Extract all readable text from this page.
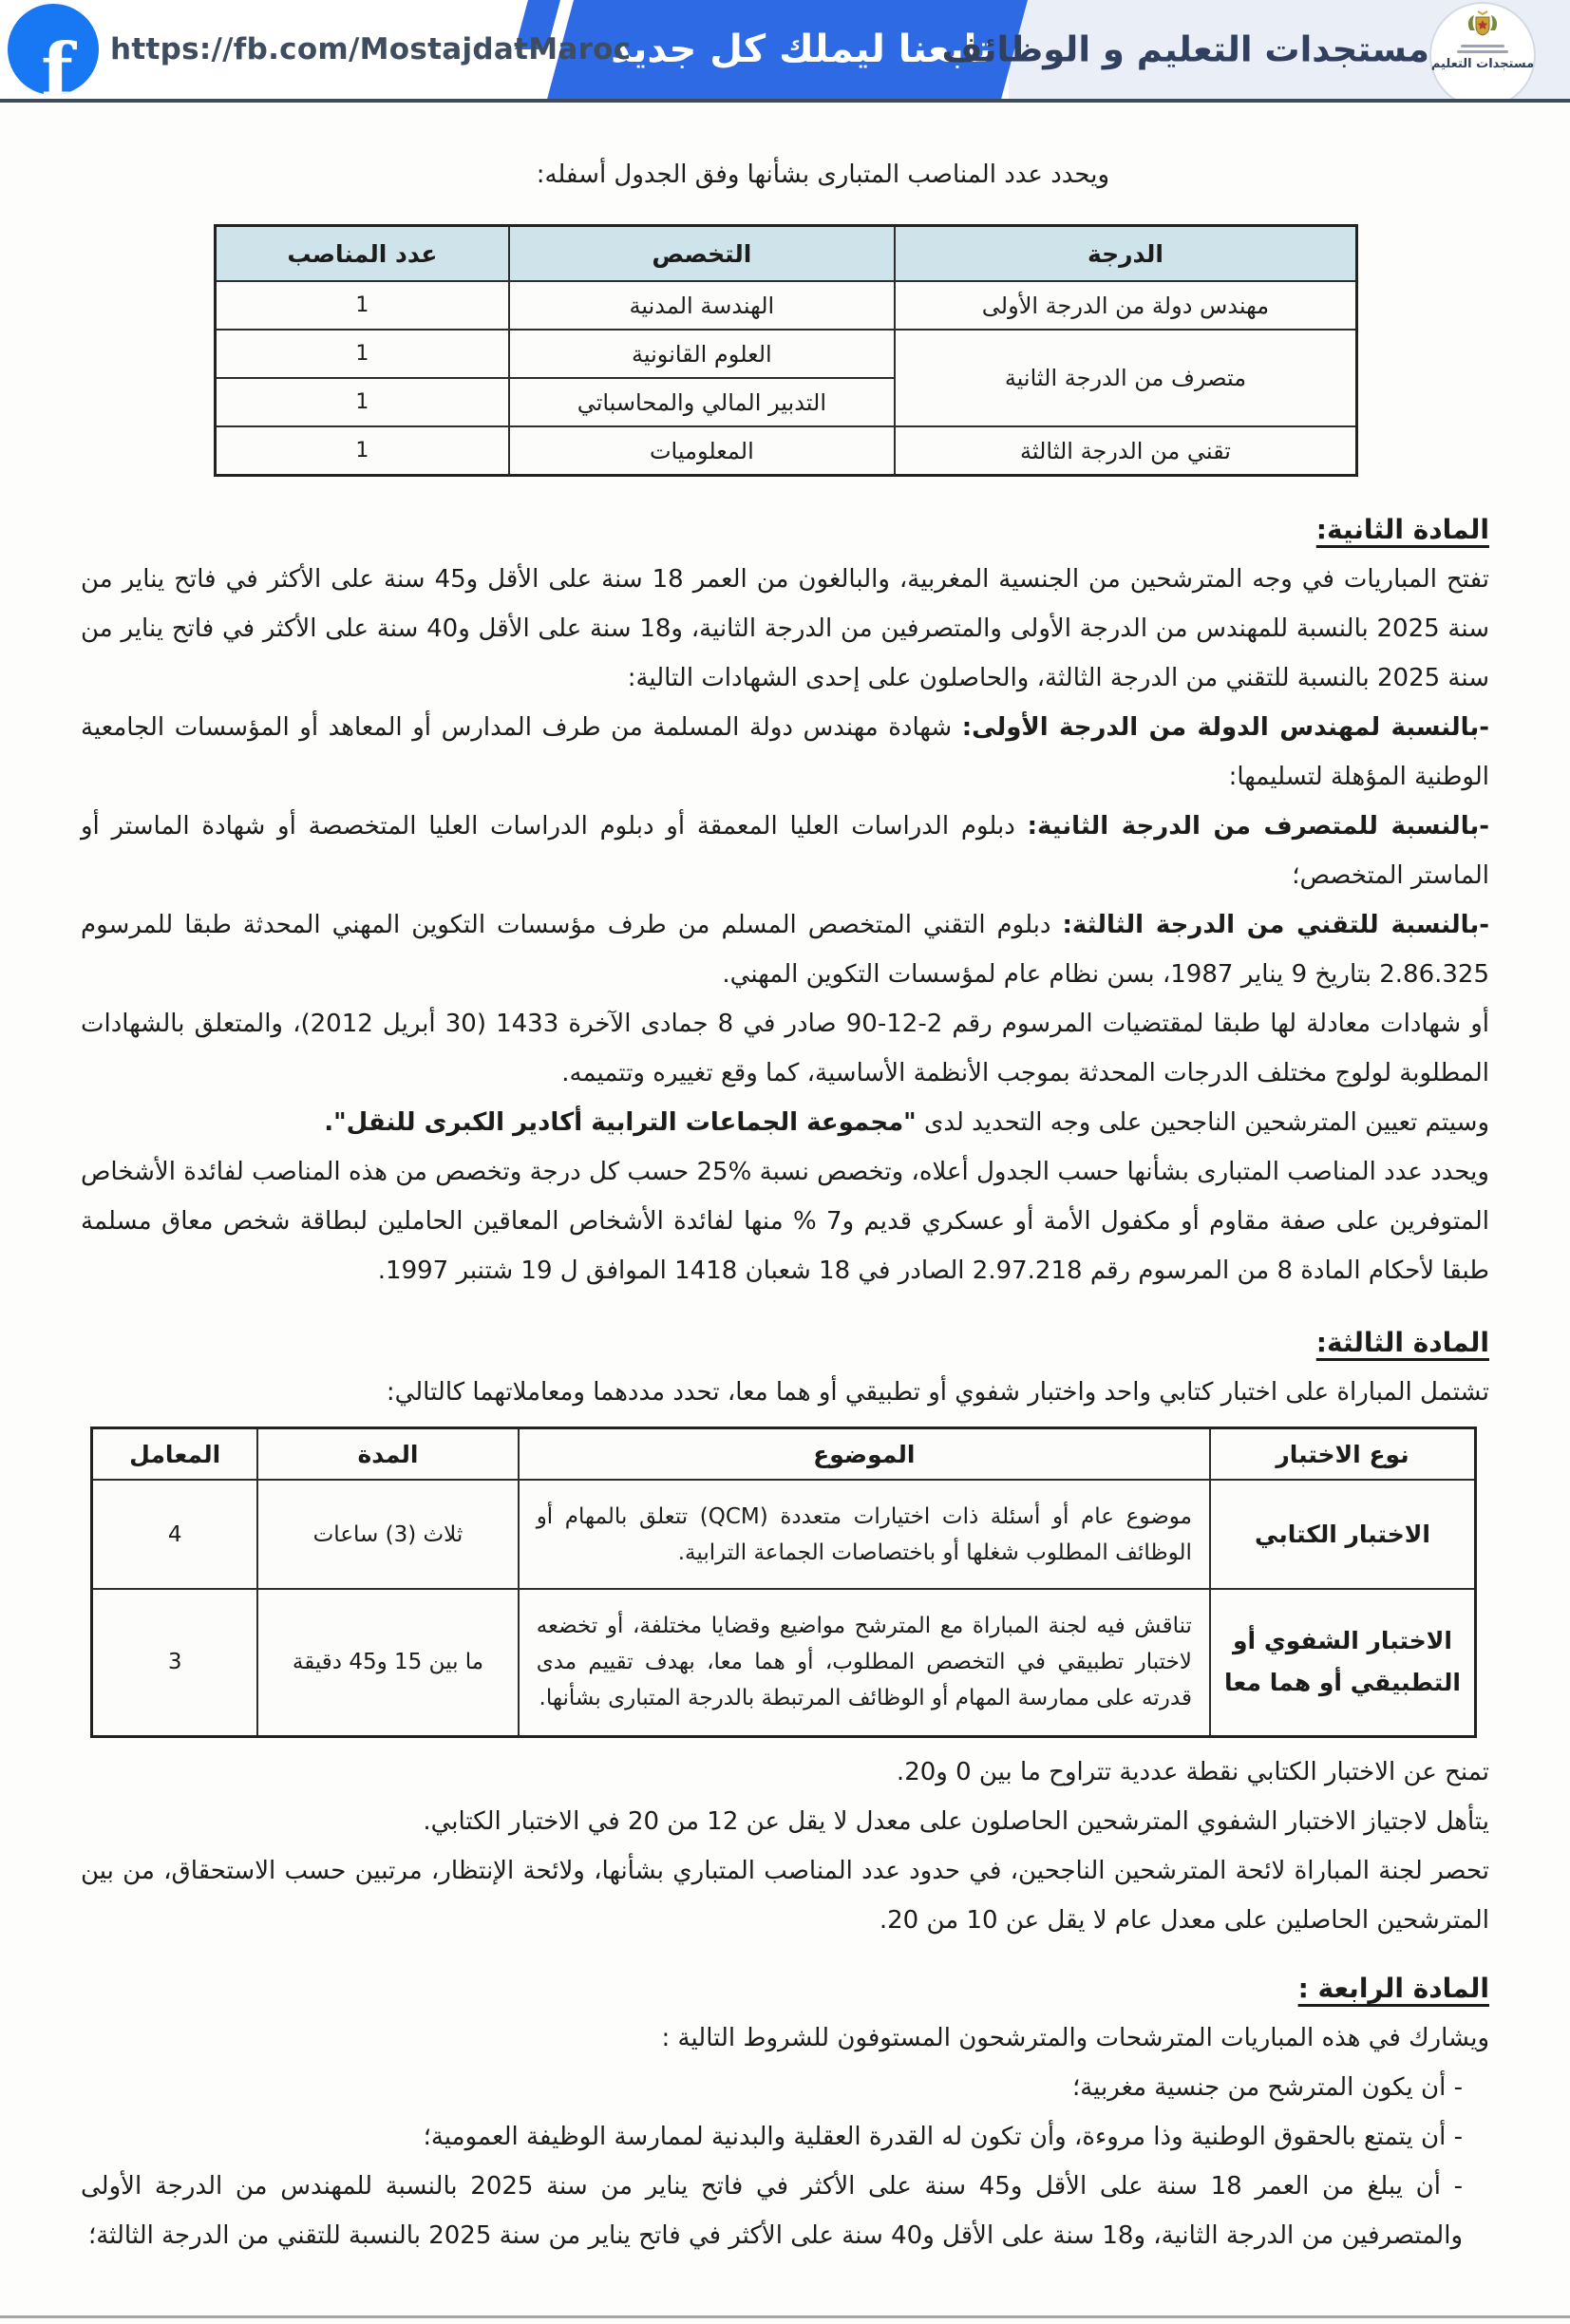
تابعنا ليملك كل جديد
f https://fb.com/MostajdatMaroc	مستجدات التعليم و الوظائف مستجدات التعليم

ويحدد عدد المناصب المتبارى بشأنها وفق الجدول أسفله:

الدرجة	التخصص	عدد المناصب
مهندس دولة من الدرجة الأولى	الهندسة المدنية	1
متصرف من الدرجة الثانية	العلوم القانونية	1
	التدبير المالي والمحاسباتي	1
تقني من الدرجة الثالثة	المعلوميات	1
المادة الثانية:

تفتح المباريات في وجه المترشحين من الجنسية المغربية، والبالغون من العمر 18 سنة على الأقل و45 سنة على الأكثر في فاتح يناير من سنة 2025 بالنسبة للمهندس من الدرجة الأولى والمتصرفين من الدرجة الثانية، و18 سنة على الأقل و40 سنة على الأكثر في فاتح يناير من سنة 2025 بالنسبة للتقني من الدرجة الثالثة، والحاصلون على إحدى الشهادات التالية:

-بالنسبة لمهندس الدولة من الدرجة الأولى: شهادة مهندس دولة المسلمة من طرف المدارس أو المعاهد أو المؤسسات الجامعية الوطنية المؤهلة لتسليمها:

-بالنسبة للمتصرف من الدرجة الثانية: دبلوم الدراسات العليا المعمقة أو دبلوم الدراسات العليا المتخصصة أو شهادة الماستر أو الماستر المتخصص؛

-بالنسبة للتقني من الدرجة الثالثة: دبلوم التقني المتخصص المسلم من طرف مؤسسات التكوين المهني المحدثة طبقا للمرسوم 2.86.325 بتاريخ 9 يناير 1987، بسن نظام عام لمؤسسات التكوين المهني.

أو شهادات معادلة لها طبقا لمقتضيات المرسوم رقم 2-12-90 صادر في 8 جمادى الآخرة 1433 (30 أبريل 2012)، والمتعلق بالشهادات المطلوبة لولوج مختلف الدرجات المحدثة بموجب الأنظمة الأساسية، كما وقع تغييره وتتميمه.

وسيتم تعيين المترشحين الناجحين على وجه التحديد لدى "مجموعة الجماعات الترابية أكادير الكبرى للنقل".

ويحدد عدد المناصب المتبارى بشأنها حسب الجدول أعلاه، وتخصص نسبة %25 حسب كل درجة وتخصص من هذه المناصب لفائدة الأشخاص المتوفرين على صفة مقاوم أو مكفول الأمة أو عسكري قديم و7 % منها لفائدة الأشخاص المعاقين الحاملين لبطاقة شخص معاق مسلمة طبقا لأحكام المادة 8 من المرسوم رقم 2.97.218 الصادر في 18 شعبان 1418 الموافق ل 19 شتنبر 1997.

المادة الثالثة:

تشتمل المباراة على اختبار كتابي واحد واختبار شفوي أو تطبيقي أو هما معا، تحدد مددهما ومعاملاتهما كالتالي:

نوع الاختبار	الموضوع	المدة	المعامل
الاختبار الكتابي	موضوع عام أو أسئلة ذات اختيارات متعددة (QCM) تتعلق بالمهام أو الوظائف المطلوب شغلها أو باختصاصات الجماعة الترابية.	ثلاث (3) ساعات	4
الاختبار الشفوي أو التطبيقي أو هما معا	تناقش فيه لجنة المباراة مع المترشح مواضيع وقضايا مختلفة، أو تخضعه لاختبار تطبيقي في التخصص المطلوب، أو هما معا، بهدف تقييم مدى قدرته على ممارسة المهام أو الوظائف المرتبطة بالدرجة المتبارى بشأنها.	ما بين 15 و45 دقيقة	3

تمنح عن الاختبار الكتابي نقطة عددية تتراوح ما بين 0 و20.

يتأهل لاجتياز الاختبار الشفوي المترشحين الحاصلون على معدل لا يقل عن 12 من 20 في الاختبار الكتابي.

تحصر لجنة المباراة لائحة المترشحين الناجحين، في حدود عدد المناصب المتباري بشأنها، ولائحة الإنتظار، مرتبين حسب الاستحقاق، من بين المترشحين الحاصلين على معدل عام لا يقل عن 10 من 20.

المادة الرابعة :

ويشارك في هذه المباريات المترشحات والمترشحون المستوفون للشروط التالية :

- أن يكون المترشح من جنسية مغربية؛

- أن يتمتع بالحقوق الوطنية وذا مروءة، وأن تكون له القدرة العقلية والبدنية لممارسة الوظيفة العمومية؛

- أن يبلغ من العمر 18 سنة على الأقل و45 سنة على الأكثر في فاتح يناير من سنة 2025 بالنسبة للمهندس من الدرجة الأولى والمتصرفين من الدرجة الثانية، و18 سنة على الأقل و40 سنة على الأكثر في فاتح يناير من سنة 2025 بالنسبة للتقني من الدرجة الثالثة؛
